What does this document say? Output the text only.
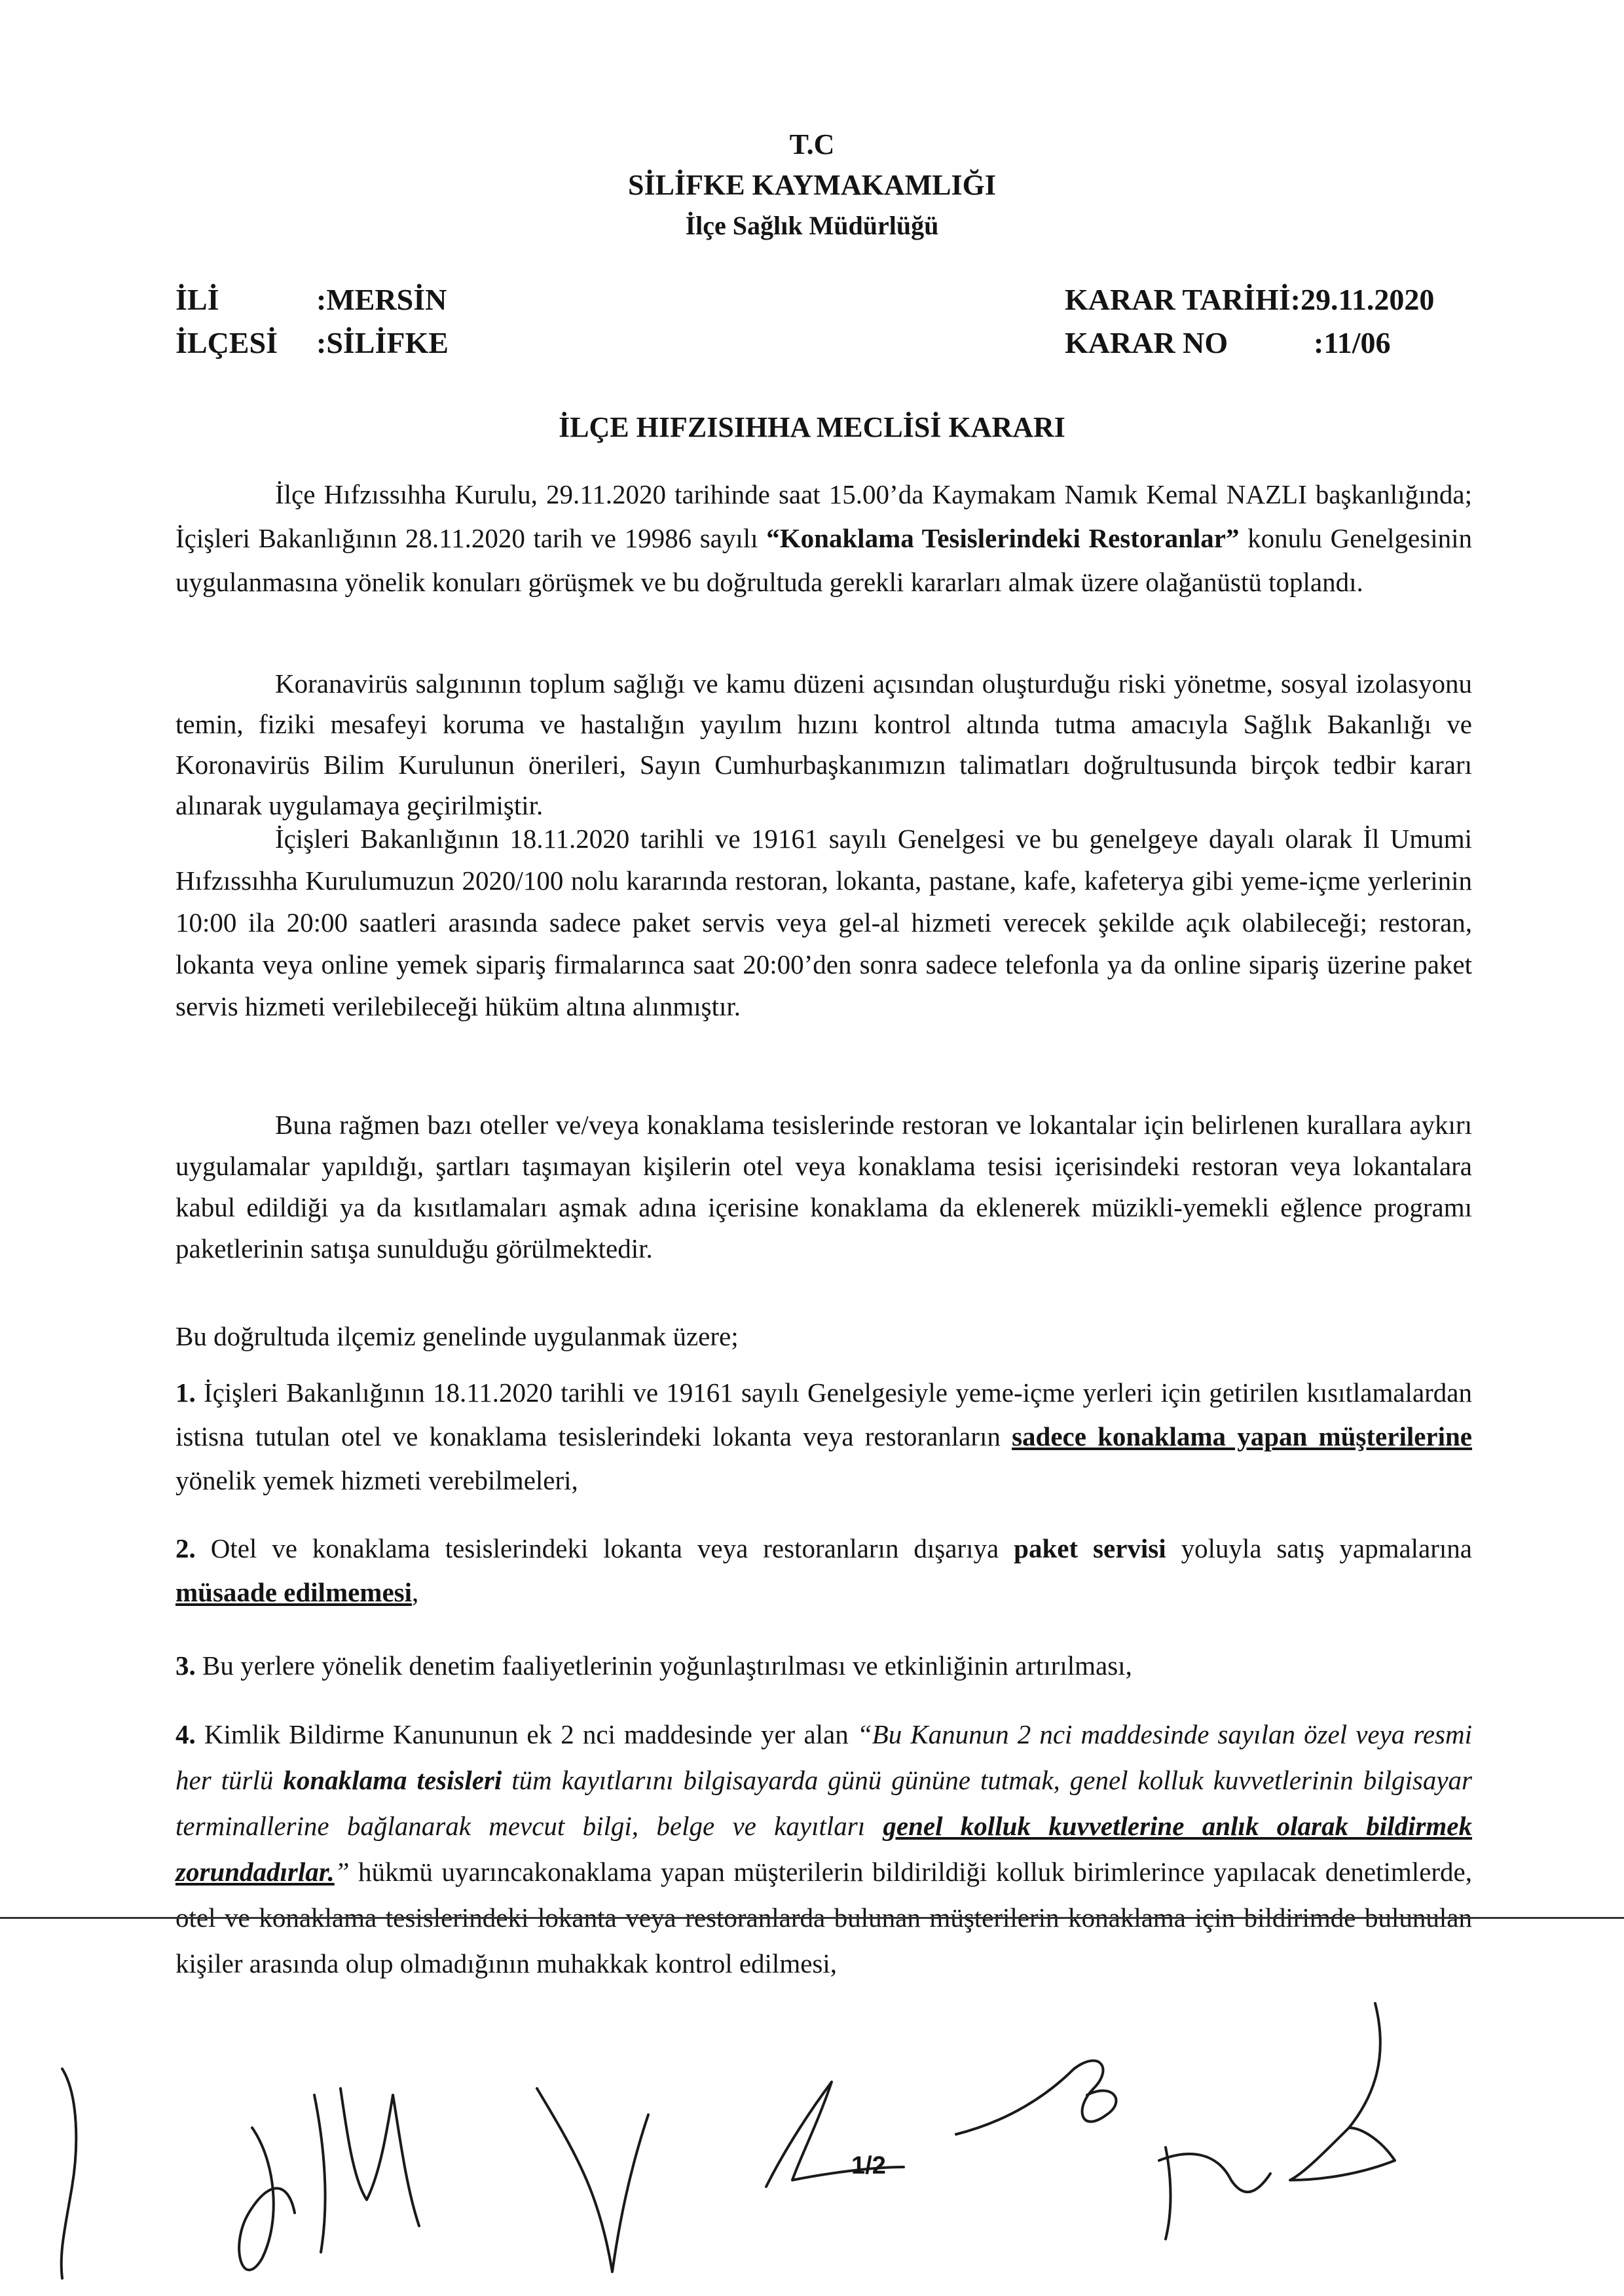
T.C
SİLİFKE KAYMAKAMLIĞI
İlçe Sağlık Müdürlüğü
İLİ	:MERSİN
İLÇESİ :SİLİFKE
KARAR TARİHİ:29.11.2020
KARAR NO	:11/06
İLÇE HIFZISIHHA MECLİSİ KARARI
İlçe Hıfzıssıhha Kurulu, 29.11.2020 tarihinde saat 15.00’da Kaymakam Namık Kemal NAZLI başkanlığında; İçişleri Bakanlığının 28.11.2020 tarih ve 19986 sayılı “Konaklama Tesislerindeki Restoranlar” konulu Genelgesinin uygulanmasına yönelik konuları görüşmek ve bu doğrultuda gerekli kararları almak üzere olağanüstü toplandı.
Koranavirüs salgınının toplum sağlığı ve kamu düzeni açısından oluşturduğu riski yönetme, sosyal izolasyonu temin, fiziki mesafeyi koruma ve hastalığın yayılım hızını kontrol altında tutma amacıyla Sağlık Bakanlığı ve Koronavirüs Bilim Kurulunun önerileri, Sayın Cumhurbaşkanımızın talimatları doğrultusunda birçok tedbir kararı alınarak uygulamaya geçirilmiştir.
İçişleri Bakanlığının 18.11.2020 tarihli ve 19161 sayılı Genelgesi ve bu genelgeye dayalı olarak İl Umumi Hıfzıssıhha Kurulumuzun 2020/100 nolu kararında restoran, lokanta, pastane, kafe, kafeterya gibi yeme-içme yerlerinin 10:00 ila 20:00 saatleri arasında sadece paket servis veya gel-al hizmeti verecek şekilde açık olabileceği; restoran, lokanta veya online yemek sipariş firmalarınca saat 20:00’den sonra sadece telefonla ya da online sipariş üzerine paket servis hizmeti verilebileceği hüküm altına alınmıştır.
Buna rağmen bazı oteller ve/veya konaklama tesislerinde restoran ve lokantalar için belirlenen kurallara aykırı uygulamalar yapıldığı, şartları taşımayan kişilerin otel veya konaklama tesisi içerisindeki restoran veya lokantalara kabul edildiği ya da kısıtlamaları aşmak adına içerisine konaklama da eklenerek müzikli-yemekli eğlence programı paketlerinin satışa sunulduğu görülmektedir.
Bu doğrultuda ilçemiz genelinde uygulanmak üzere;
1. İçişleri Bakanlığının 18.11.2020 tarihli ve 19161 sayılı Genelgesiyle yeme-içme yerleri için getirilen kısıtlamalardan istisna tutulan otel ve konaklama tesislerindeki lokanta veya restoranların sadece konaklama yapan müşterilerine yönelik yemek hizmeti verebilmeleri,
2. Otel ve konaklama tesislerindeki lokanta veya restoranların dışarıya paket servisi yoluyla satış yapmalarına müsaade edilmemesi,
3. Bu yerlere yönelik denetim faaliyetlerinin yoğunlaştırılması ve etkinliğinin artırılması,
4. Kimlik Bildirme Kanununun ek 2 nci maddesinde yer alan “Bu Kanunun 2 nci maddesinde sayılan özel veya resmi her türlü konaklama tesisleri tüm kayıtlarını bilgisayarda günü gününe tutmak, genel kolluk kuvvetlerinin bilgisayar terminallerine bağlanarak mevcut bilgi, belge ve kayıtları genel kolluk kuvvetlerine anlık olarak bildirmek zorundadırlar.” hükmü uyarıncakonaklama yapan müşterilerin bildirildiği kolluk birimlerince yapılacak denetimlerde, otel ve konaklama tesislerindeki lokanta veya restoranlarda bulunan müşterilerin konaklama için bildirimde bulunulan kişiler arasında olup olmadığının muhakkak kontrol edilmesi,
1/2
